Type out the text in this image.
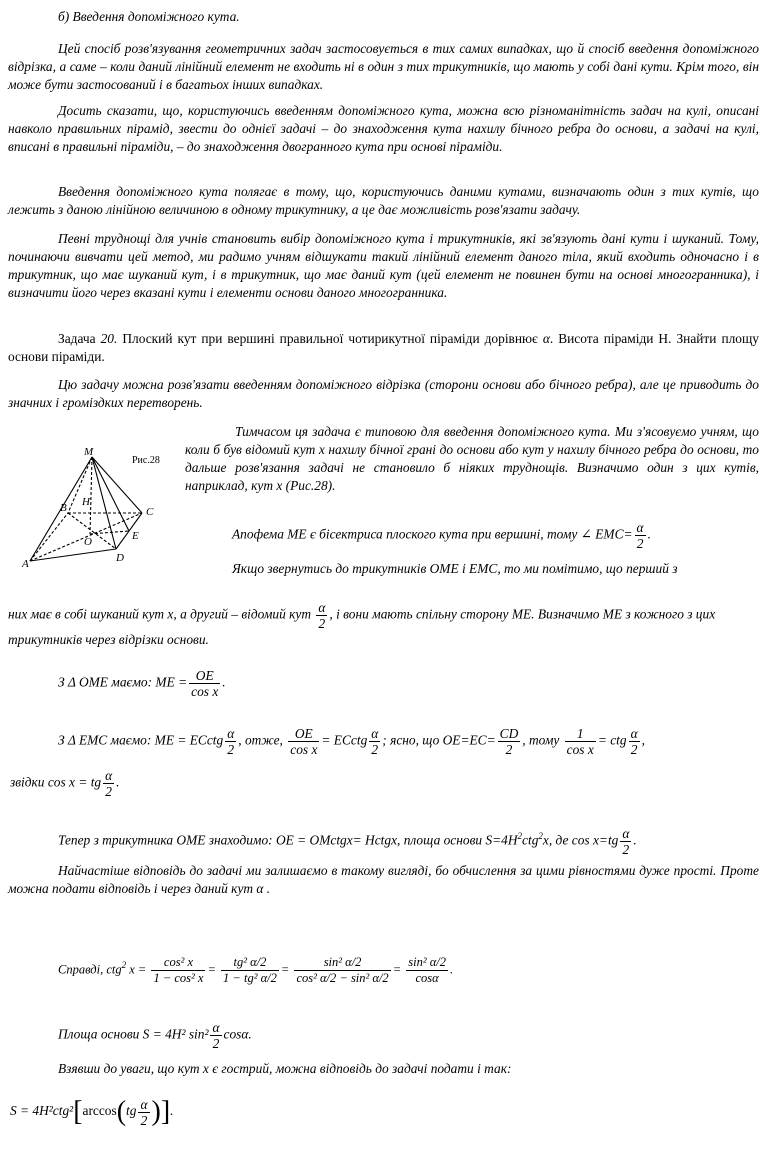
б) Введення допоміжного кута.

Цей спосіб розв'язування геометричних задач застосовується в тих самих випадках, що й спосіб введення допоміжного відрізка, а саме – коли даний лінійний елемент не входить ні в один з тих трикутників, що мають у собі дані кути. Крім того, він може бути застосований і в багатьох інших випадках.

Досить сказати, що, користуючись введенням допоміжного кута, можна всю різноманітність задач на кулі, описані навколо правильних пірамід, звести до однієї задачі – до знаходження кута нахилу бічного ребра до основи, а задачі на кулі, вписані в правильні піраміди, – до знаходження двогранного кута при основі піраміди.

Введення допоміжного кута полягає в тому, що, користуючись даними кутами, визначають один з тих кутів, що лежить з даною лінійною величиною в одному трикутнику, а це дає можливість розв'язати задачу.

Певні труднощі для учнів становить вибір допоміжного кута і трикутників, які зв'язують дані кути і шуканий. Тому, починаючи вивчати цей метод, ми радимо учням відшукати такий лінійний елемент даного тіла, який входить одночасно і в трикутник, що має шуканий кут, і в трикутник, що має даний кут (цей елемент не повинен бути на основі многогранника), і визначити його через вказані кути і елементи основи даного многогранника.

Задача 20. Плоский кут при вершині правильної чотирикутної піраміди дорівнює α. Висота піраміди Н. Знайти площу основи піраміди.

Цю задачу можна розв'язати введенням допоміжного відрізка (сторони основи або бічного ребра), але це приводить до значних і громіздких перетворень.

M
B	C
H
O	E
A	D
Рис.28

Тимчасом ця задача є типовою для введення допоміжного кута. Ми з'ясовуємо учням, що коли б був відомий кут x нахилу бічної грані до основи або кут у нахилу бічного ребра до основи, то дальше розв'язання задачі не становило б ніяких труднощів. Визначимо один з цих кутів, наприклад, кут x (Рис.28).

Апофема ME є бісектриса плоского кута при вершині, тому ∠ $EMC= \frac{\alpha}{2}$ .

Якщо звернутись до трикутників OME і EMC, то ми помітимо, що перший з

них має в собі шуканий кут x, а другий – відомий кут $\frac{\alpha}{2}$ , і вони мають спільну сторону ME. Визначимо ME з кожного з цих трикутників через відрізки основи.
З Δ OME маємо: ME = $\frac{OE}{\text{cos x}}$ .
З Δ EMC маємо: ME = ECctg $\frac{\alpha}{2}$ , отже, $\frac{OE}{\text{cos x}}$ = ECctg $\frac{\alpha}{2}$ ; ясно, що $OE=EC= \frac{CD}{2}$ , тому $\frac{1}{\text{cos x}}$ = ctg $\frac{\alpha}{2}$ ,
звідки cos x = tg $\frac{\alpha}{2}$ .
Тепер з трикутника OME знаходимо: OE = OMctgx= Hctgx, площа основи $S=4H^2ctg^2x$, де $\cos x=tg \frac{\alpha}{2}$ .

Найчастіше відповідь до задачі ми залишаємо в такому вигляді, бо обчислення за цими рівностями дуже прості. Проте можна подати відповідь і через даний кут α .

Справді, ctg$^2$ $x = \frac{\text{cos² x}}{\text{1 − cos² x}} = \frac{\text{tg² α/2}}{\text{1 − tg² α/2}} = \frac{\text{sin² α/2}}{\text{cos² α/2 − sin² α/2}} = \frac{\text{sin² α/2}}{\cos\alpha}$ .
Площа основи S = 4H² $\sin^2 \frac{\alpha}{2} \cos\alpha$.

Взявши до уваги, що кут x є гострий, можна відповідь до задачі подати і так:

$S = 4H^2ctg^2[\arccos(tg \frac{\alpha}{2}$ )].
